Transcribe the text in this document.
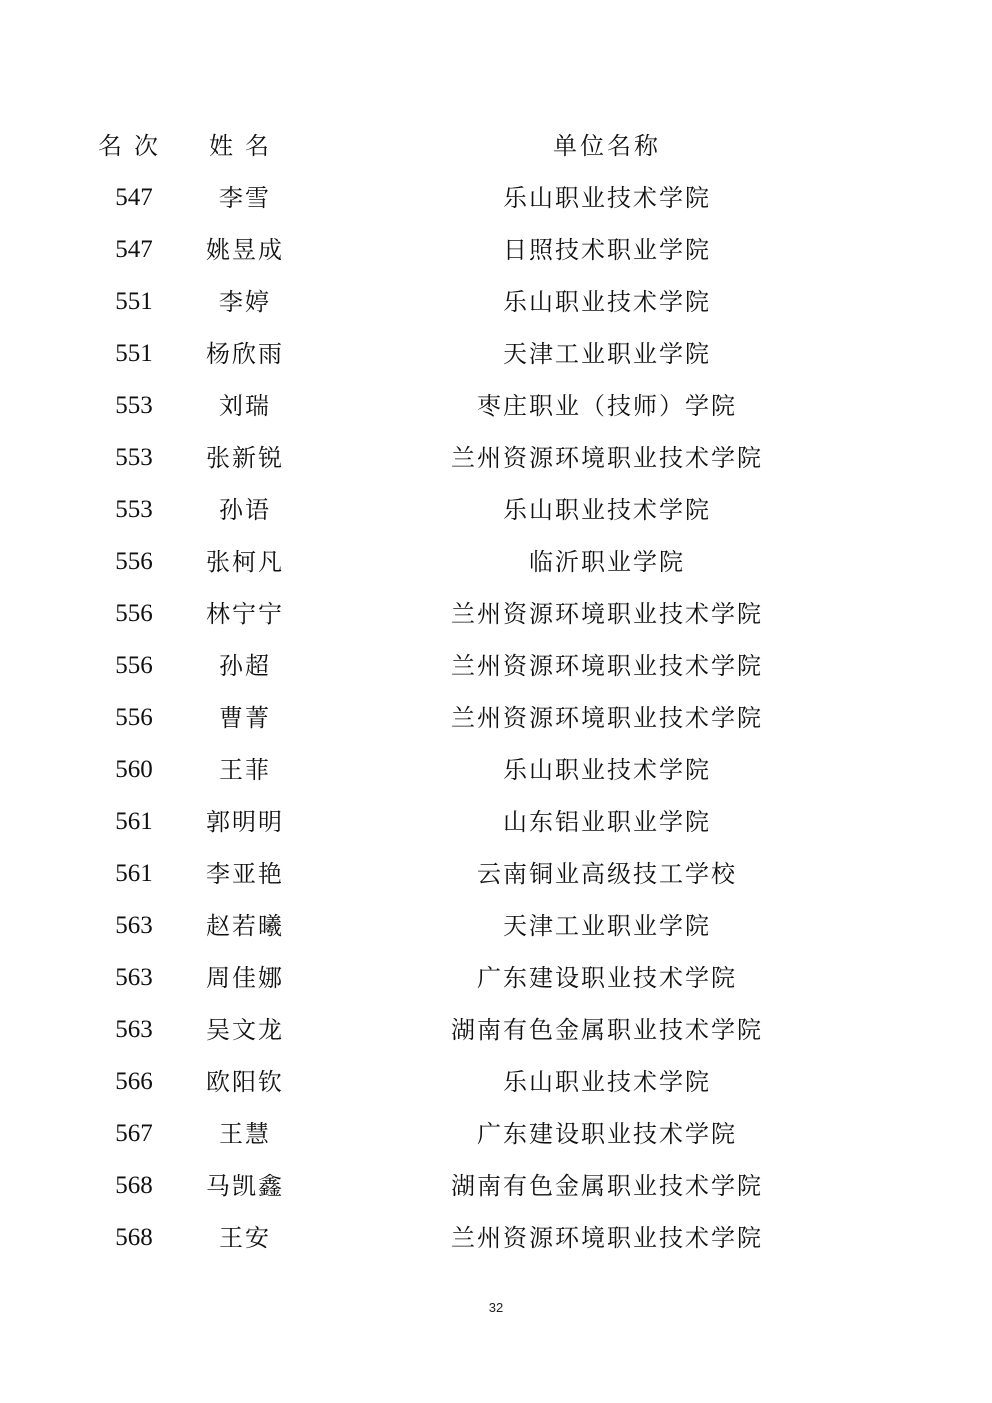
名次	姓名	单位名称
547	李雪	乐山职业技术学院
547	姚昱成	日照技术职业学院
551	李婷	乐山职业技术学院
551	杨欣雨	天津工业职业学院
553	刘瑞	枣庄职业（技师）学院
553	张新锐	兰州资源环境职业技术学院
553	孙语	乐山职业技术学院
556	张柯凡	临沂职业学院
556	林宁宁	兰州资源环境职业技术学院
556	孙超	兰州资源环境职业技术学院
556	曹菁	兰州资源环境职业技术学院
560	王菲	乐山职业技术学院
561	郭明明	山东铝业职业学院
561	李亚艳	云南铜业高级技工学校
563	赵若曦	天津工业职业学院
563	周佳娜	广东建设职业技术学院
563	吴文龙	湖南有色金属职业技术学院
566	欧阳钦	乐山职业技术学院
567	王慧	广东建设职业技术学院
568	马凯鑫	湖南有色金属职业技术学院
568	王安	兰州资源环境职业技术学院
32
